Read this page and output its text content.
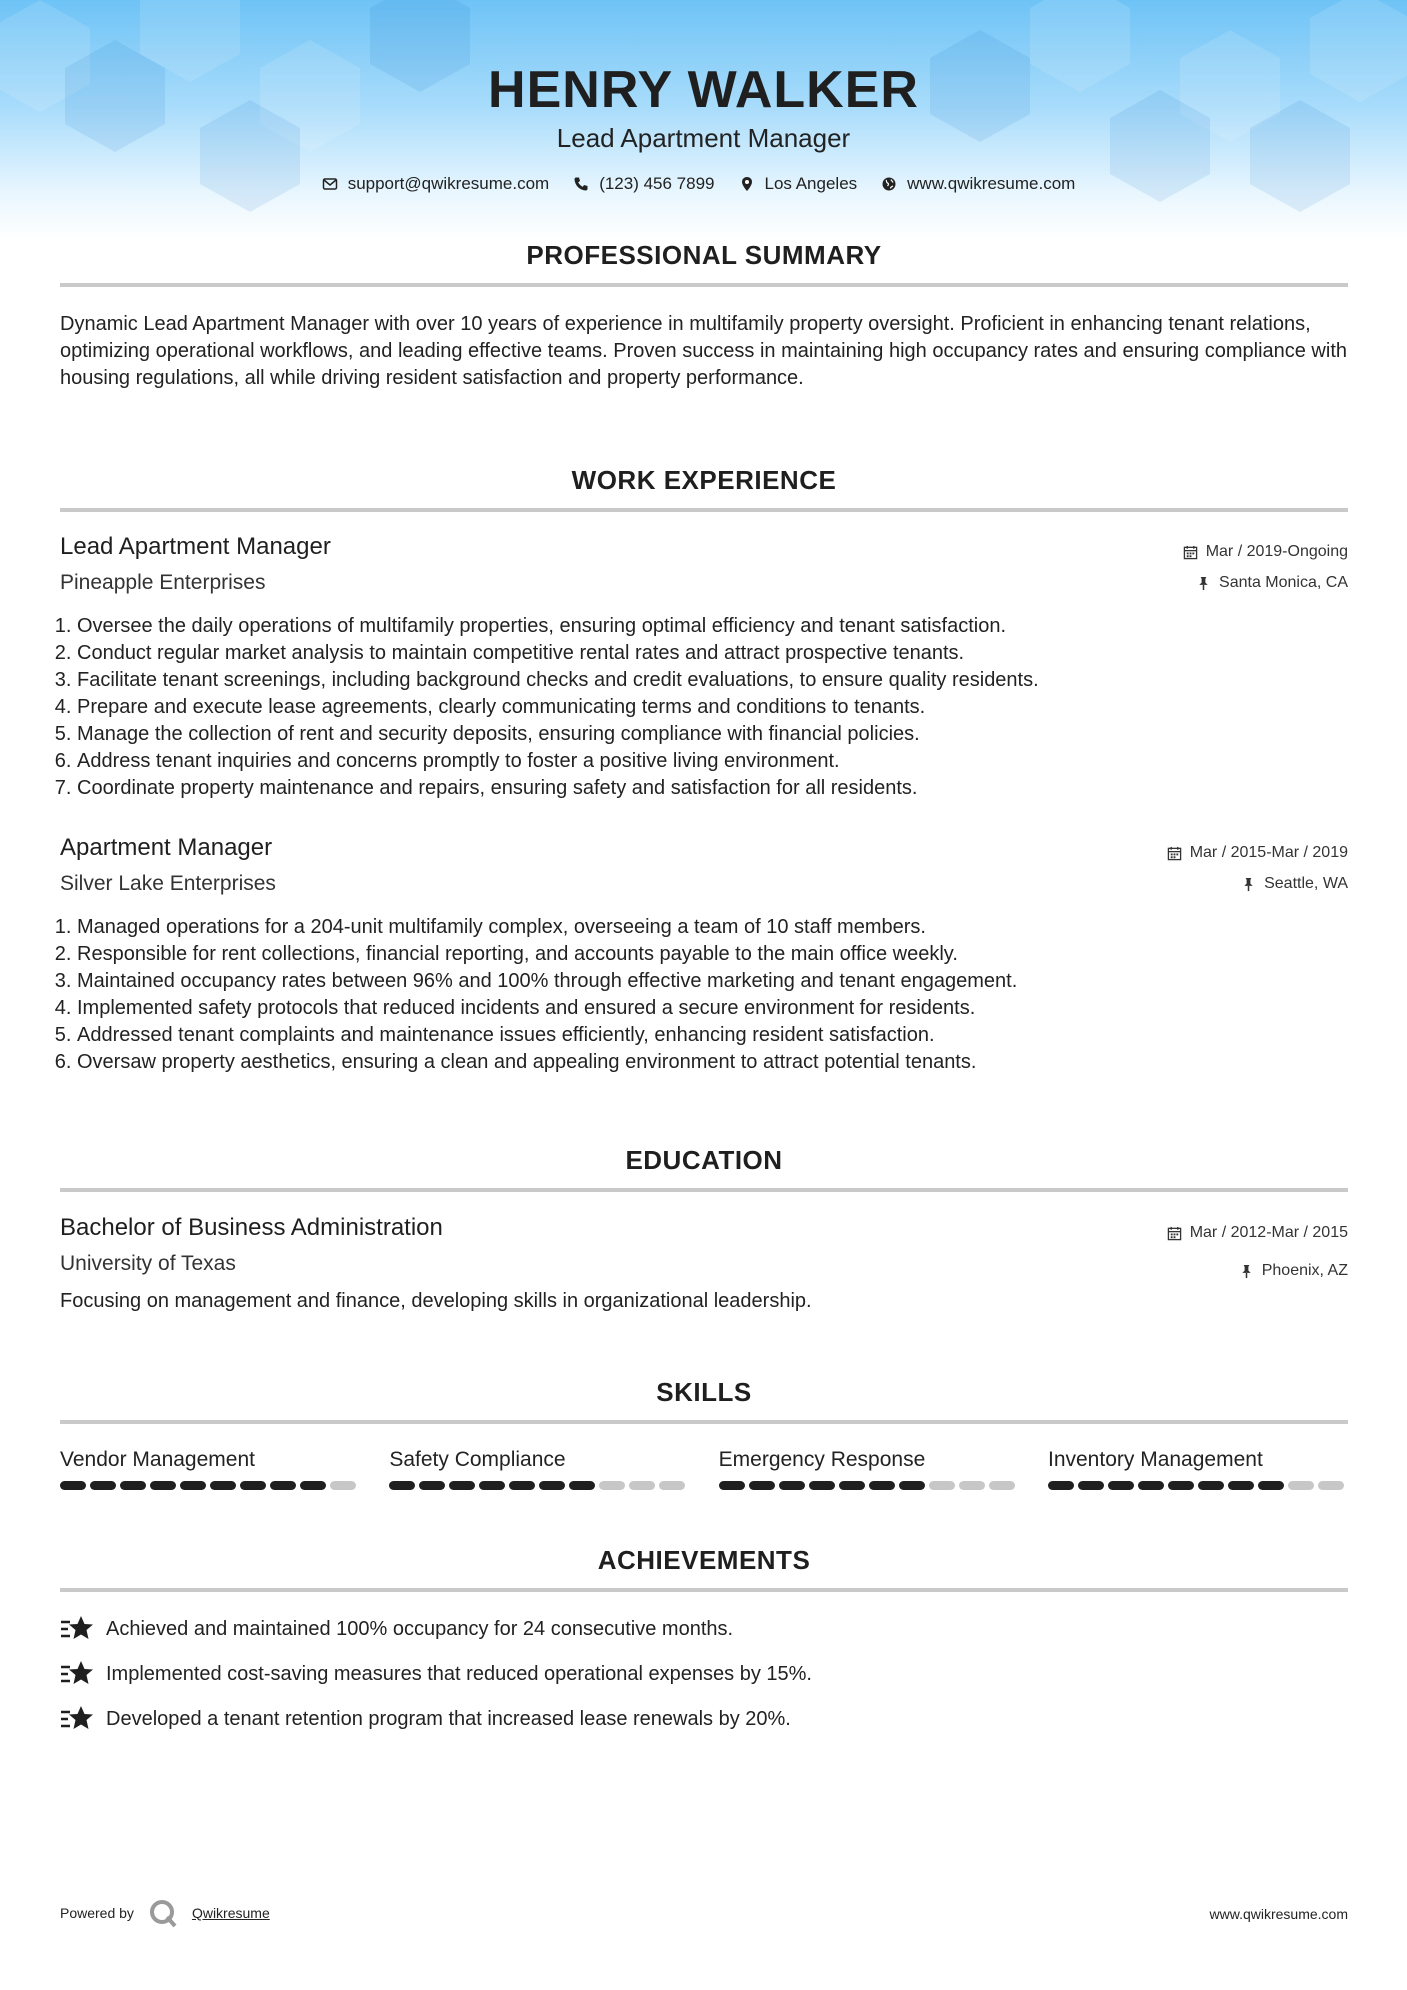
HENRY WALKER
Lead Apartment Manager
support@qwikresume.com	(123) 456 7899	Los Angeles	www.qwikresume.com
PROFESSIONAL SUMMARY
Dynamic Lead Apartment Manager with over 10 years of experience in multifamily property oversight. Proficient in enhancing tenant relations, optimizing operational workflows, and leading effective teams. Proven success in maintaining high occupancy rates and ensuring compliance with housing regulations, all while driving resident satisfaction and property performance.
WORK EXPERIENCE
Lead Apartment Manager
Pineapple Enterprises
Mar / 2019-Ongoing
Santa Monica, CA
1. Oversee the daily operations of multifamily properties, ensuring optimal efficiency and tenant satisfaction.
2. Conduct regular market analysis to maintain competitive rental rates and attract prospective tenants.
3. Facilitate tenant screenings, including background checks and credit evaluations, to ensure quality residents.
4. Prepare and execute lease agreements, clearly communicating terms and conditions to tenants.
5. Manage the collection of rent and security deposits, ensuring compliance with financial policies.
6. Address tenant inquiries and concerns promptly to foster a positive living environment.
7. Coordinate property maintenance and repairs, ensuring safety and satisfaction for all residents.
Apartment Manager
Silver Lake Enterprises
Mar / 2015-Mar / 2019
Seattle, WA
1. Managed operations for a 204-unit multifamily complex, overseeing a team of 10 staff members.
2. Responsible for rent collections, financial reporting, and accounts payable to the main office weekly.
3. Maintained occupancy rates between 96% and 100% through effective marketing and tenant engagement.
4. Implemented safety protocols that reduced incidents and ensured a secure environment for residents.
5. Addressed tenant complaints and maintenance issues efficiently, enhancing resident satisfaction.
6. Oversaw property aesthetics, ensuring a clean and appealing environment to attract potential tenants.
EDUCATION
Bachelor of Business Administration
University of Texas
Mar / 2012-Mar / 2015
Phoenix, AZ
Focusing on management and finance, developing skills in organizational leadership.
SKILLS
Vendor Management	Safety Compliance	Emergency Response	Inventory Management
ACHIEVEMENTS
Achieved and maintained 100% occupancy for 24 consecutive months.
Implemented cost-saving measures that reduced operational expenses by 15%.
Developed a tenant retention program that increased lease renewals by 20%.
Powered by	Qwikresume	www.qwikresume.com
